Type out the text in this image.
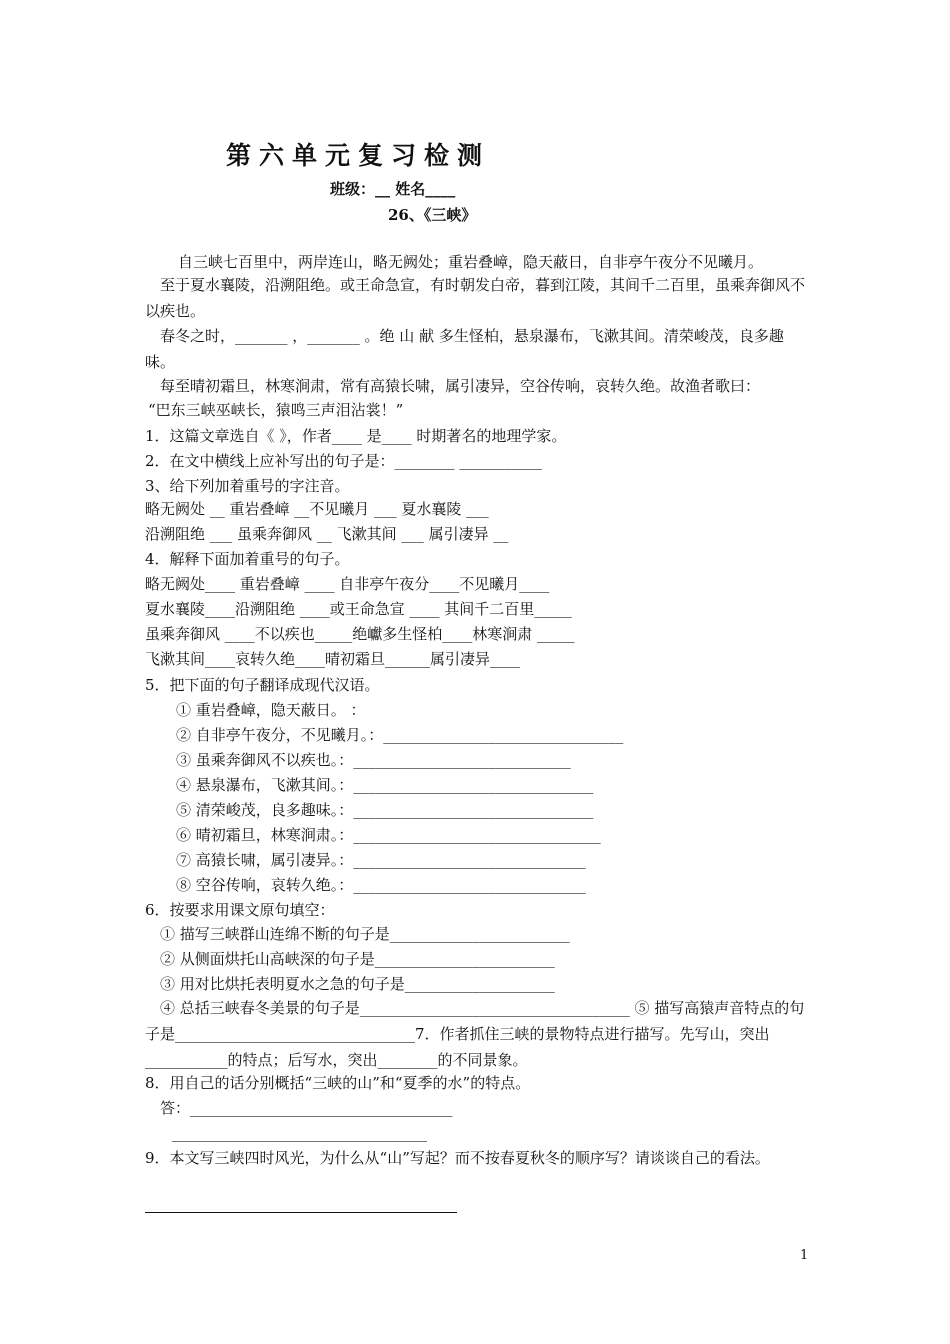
第六单元复习检测
班级：__ 姓名____
26、《三峡》
自三峡七百里中，两岸连山，略无阙处；重岩叠嶂，隐天蔽日，自非亭午夜分不见曦月。
至于夏水襄陵，沿溯阻绝。或王命急宣，有时朝发白帝，暮到江陵，其间千二百里，虽乘奔御风不以疾也。
春冬之时，_______ ，_______ 。绝 山 献 多生怪柏，悬泉瀑布，飞漱其间。清荣峻茂，良多趣味。
每至晴初霜旦，林寒涧肃，常有高猿长啸，属引凄异，空谷传响，哀转久绝。故渔者歌曰：
“巴东三峡巫峡长，猿鸣三声泪沾裳！”
1．这篇文章选自《 》，作者____ 是____ 时期著名的地理学家。
2．在文中横线上应补写出的句子是：________ ___________
3、给下列加着重号的字注音。
略无阙处 __ 重岩叠嶂 __不见曦月 ___ 夏水襄陵 ___
沿溯阻绝 ___ 虽乘奔御风 __ 飞漱其间 ___ 属引凄异 __
4．解释下面加着重号的句子。
略无阙处____ 重岩叠嶂 ____ 自非亭午夜分____不见曦月____
夏水襄陵____沿溯阻绝 ____或王命急宣 ____ 其间千二百里_____
虽乘奔御风 ____不以疾也_____绝巘多生怪柏____林寒涧肃 _____
飞漱其间____哀转久绝____晴初霜旦______属引凄异____
5．把下面的句子翻译成现代汉语。
① 重岩叠嶂，隐天蔽日。 ：
② 自非亭午夜分，不见曦月。：________________________________
③ 虽乘奔御风不以疾也。：_____________________________
④ 悬泉瀑布，飞漱其间。：________________________________
⑤ 清荣峻茂，良多趣味。：________________________________
⑥ 晴初霜旦，林寒涧肃。：_________________________________
⑦ 高猿长啸，属引凄异。：_______________________________
⑧ 空谷传响，哀转久绝。：_______________________________
6．按要求用课文原句填空：
① 描写三峡群山连绵不断的句子是________________________
② 从侧面烘托山高峡深的句子是________________________
③ 用对比烘托表明夏水之急的句子是____________________
④ 总括三峡春冬美景的句子是____________________________________ ⑤ 描写高猿声音特点的句子是________________________________7．作者抓住三峡的景物特点进行描写。先写山，突出___________的特点；后写水，突出________的不同景象。
8．用自己的话分别概括“三峡的山”和“夏季的水”的特点。
答：___________________________________
__________________________________
9．本文写三峡四时风光，为什么从“山”写起？而不按春夏秋冬的顺序写？请谈谈自己的看法。
1
